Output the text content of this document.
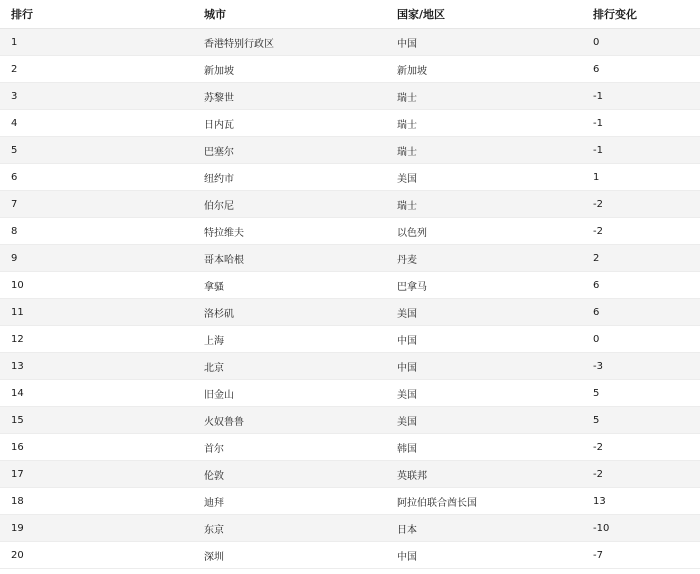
排行	城市	国家/地区	排行变化
1	香港特别行政区	中国	0
2	新加坡	新加坡	6
3	苏黎世	瑞士	-1
4	日内瓦	瑞士	-1
5	巴塞尔	瑞士	-1
6	纽约市	美国	1
7	伯尔尼	瑞士	-2
8	特拉维夫	以色列	-2
9	哥本哈根	丹麦	2
10	拿骚	巴拿马	6
11	洛杉矶	美国	6
12	上海	中国	0
13	北京	中国	-3
14	旧金山	美国	5
15	火奴鲁鲁	美国	5
16	首尔	韩国	-2
17	伦敦	英联邦	-2
18	迪拜	阿拉伯联合酋长国	13
19	东京	日本	-10
20	深圳	中国	-7
